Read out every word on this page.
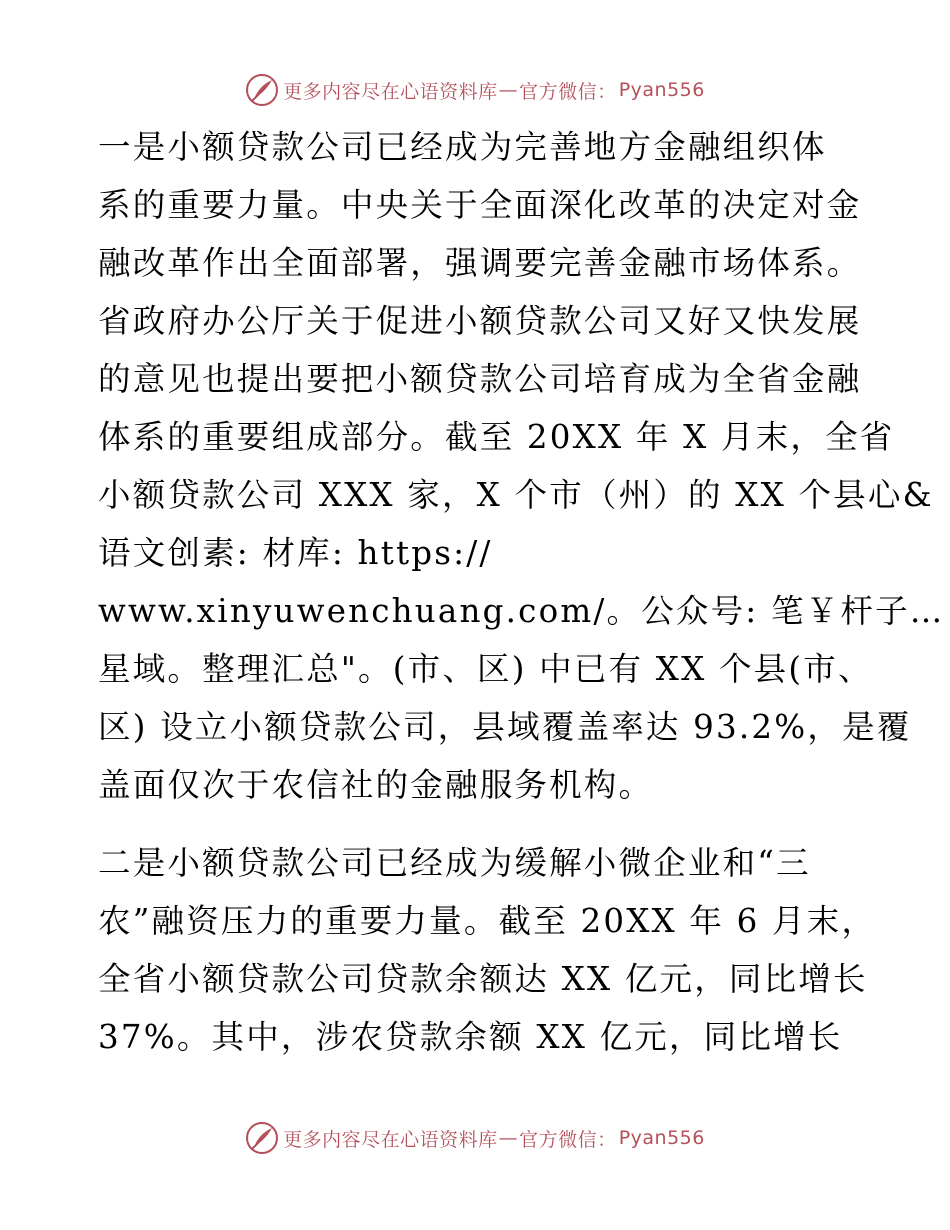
更多内容尽在心语资料库 — 官方微信： Pyan556

一是小额贷款公司已经成为完善地方金融组织体
系的重要力量。中央关于全面深化改革的决定对金
融改革作出全面部署，强调要完善金融市场体系。
省政府办公厅关于促进小额贷款公司又好又快发展
的意见也提出要把小额贷款公司培育成为全省金融
体系的重要组成部分。截至 20XX 年 X 月末，全省
小额贷款公司 XXX 家，X 个市（州）的 XX 个县心&
语文创素: 材库: https://
www.xinyuwenchuang.com/。公众号: 笔￥杆子…
星域。整理汇总"。(市、区) 中已有 XX 个县(市、
区) 设立小额贷款公司，县域覆盖率达 93.2%，是覆
盖面仅次于农信社的金融服务机构。

二是小额贷款公司已经成为缓解小微企业和“三
农”融资压力的重要力量。截至 20XX 年 6 月末，
全省小额贷款公司贷款余额达 XX 亿元，同比增长
37%。其中，涉农贷款余额 XX 亿元，同比增长

更多内容尽在心语资料库 — 官方微信： Pyan556
